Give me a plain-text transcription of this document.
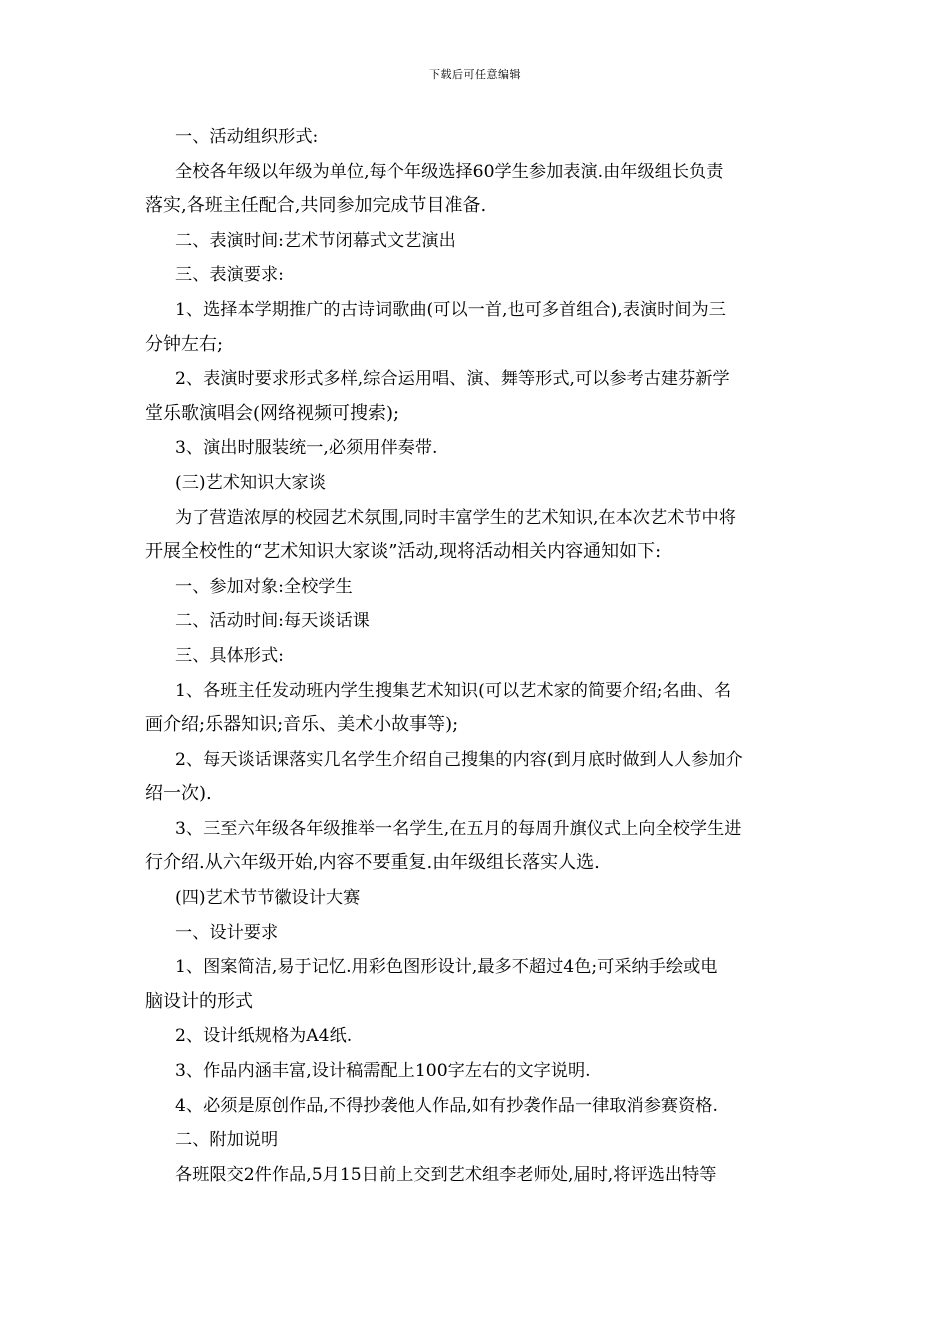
下载后可任意编辑
一、活动组织形式:
全校各年级以年级为单位,每个年级选择60学生参加表演.由年级组长负责
落实,各班主任配合,共同参加完成节目准备.
二、表演时间:艺术节闭幕式文艺演出
三、表演要求:
1、选择本学期推广的古诗词歌曲(可以一首,也可多首组合),表演时间为三
分钟左右;
2、表演时要求形式多样,综合运用唱、演、舞等形式,可以参考古建芬新学
堂乐歌演唱会(网络视频可搜索);
3、演出时服装统一,必须用伴奏带.
(三)艺术知识大家谈
为了营造浓厚的校园艺术氛围,同时丰富学生的艺术知识,在本次艺术节中将
开展全校性的“艺术知识大家谈”活动,现将活动相关内容通知如下:
一、参加对象:全校学生
二、活动时间:每天谈话课
三、具体形式:
1、各班主任发动班内学生搜集艺术知识(可以艺术家的简要介绍;名曲、名
画介绍;乐器知识;音乐、美术小故事等);
2、每天谈话课落实几名学生介绍自己搜集的内容(到月底时做到人人参加介
绍一次).
3、三至六年级各年级推举一名学生,在五月的每周升旗仪式上向全校学生进
行介绍.从六年级开始,内容不要重复.由年级组长落实人选.
(四)艺术节节徽设计大赛
一、设计要求
1、图案简洁,易于记忆.用彩色图形设计,最多不超过4色;可采纳手绘或电
脑设计的形式
2、设计纸规格为A4纸.
3、作品内涵丰富,设计稿需配上100字左右的文字说明.
4、必须是原创作品,不得抄袭他人作品,如有抄袭作品一律取消参赛资格.
二、附加说明
各班限交2件作品,5月15日前上交到艺术组李老师处,届时,将评选出特等
